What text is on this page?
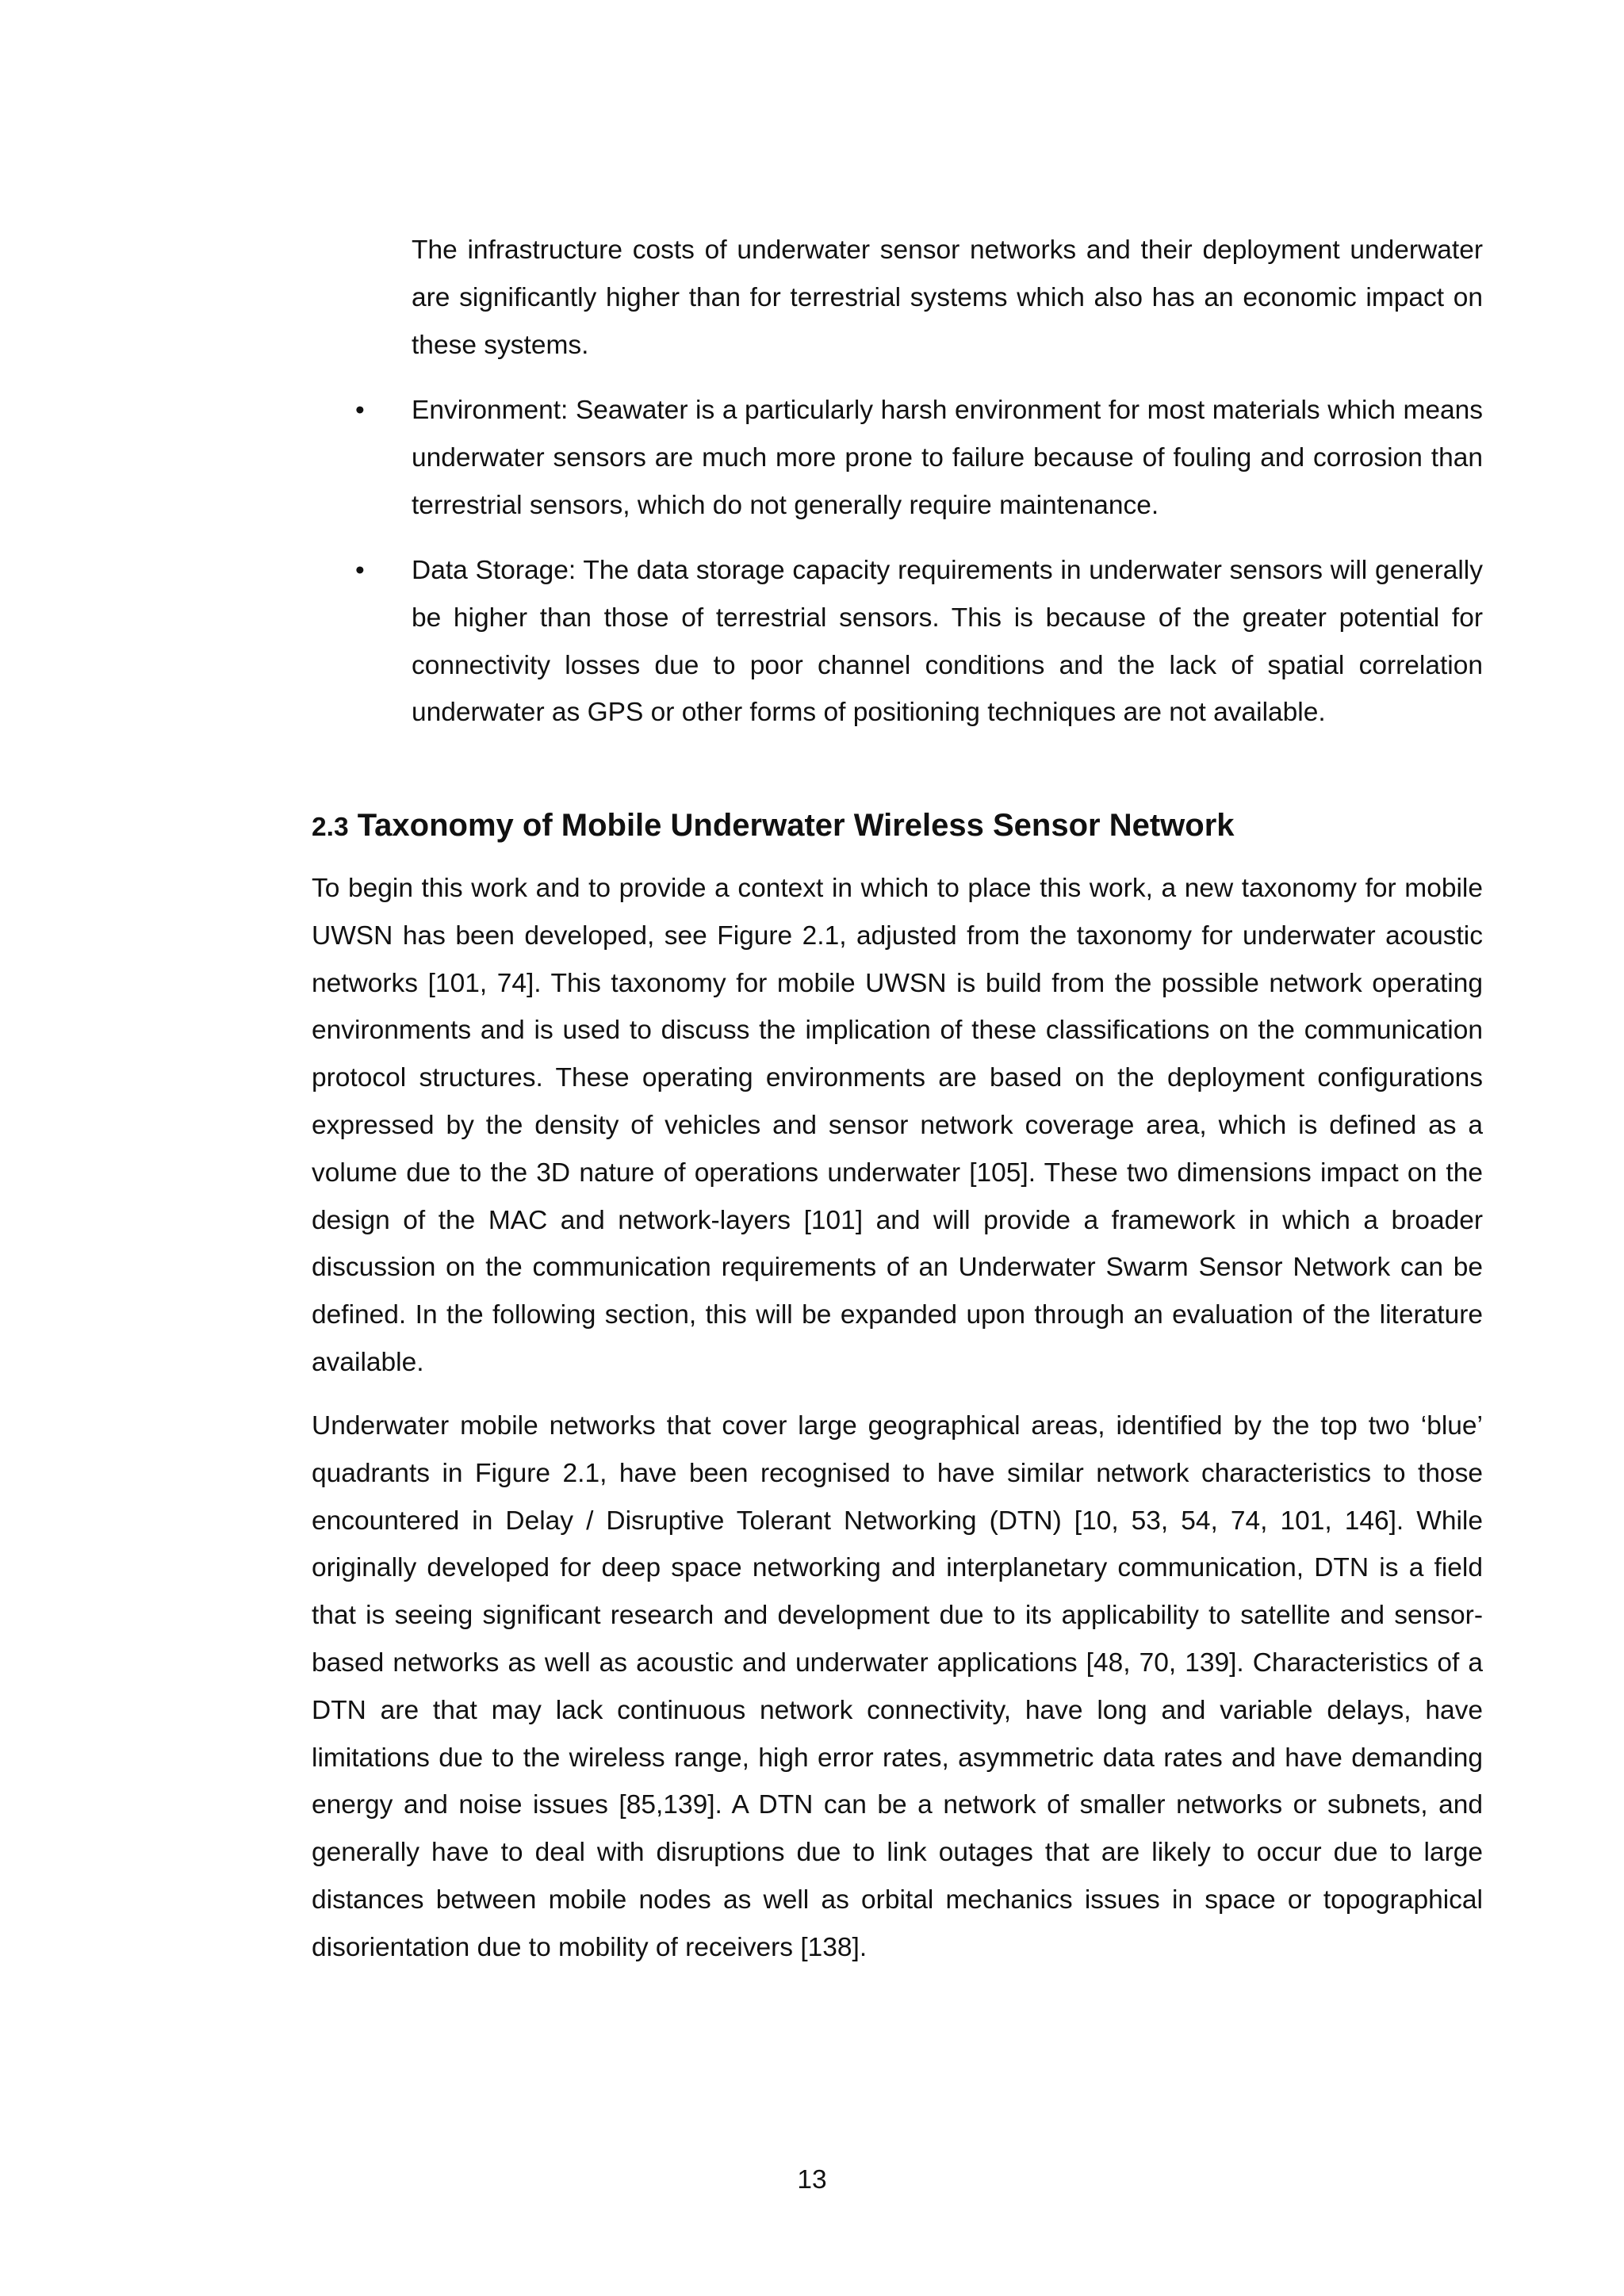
The infrastructure costs of underwater sensor networks and their deployment underwater are significantly higher than for terrestrial systems which also has an economic impact on these systems.

•	Environment: Seawater is a particularly harsh environment for most materials which means underwater sensors are much more prone to failure because of fouling and corrosion than terrestrial sensors, which do not generally require maintenance.

•	Data Storage: The data storage capacity requirements in underwater sensors will generally be higher than those of terrestrial sensors. This is because of the greater potential for connectivity losses due to poor channel conditions and the lack of spatial correlation underwater as GPS or other forms of positioning techniques are not available.

2.3 Taxonomy of Mobile Underwater Wireless Sensor Network

To begin this work and to provide a context in which to place this work, a new taxonomy for mobile UWSN has been developed, see Figure 2.1, adjusted from the taxonomy for underwater acoustic networks [101, 74]. This taxonomy for mobile UWSN is build from the possible network operating environments and is used to discuss the implication of these classifications on the communication protocol structures. These operating environments are based on the deployment configurations expressed by the density of vehicles and sensor network coverage area, which is defined as a volume due to the 3D nature of operations underwater [105]. These two dimensions impact on the design of the MAC and network-layers [101] and will provide a framework in which a broader discussion on the communication requirements of an Underwater Swarm Sensor Network can be defined. In the following section, this will be expanded upon through an evaluation of the literature available.

Underwater mobile networks that cover large geographical areas, identified by the top two ‘blue’ quadrants in Figure 2.1, have been recognised to have similar network characteristics to those encountered in Delay / Disruptive Tolerant Networking (DTN) [10, 53, 54, 74, 101, 146]. While originally developed for deep space networking and interplanetary communication, DTN is a field that is seeing significant research and development due to its applicability to satellite and sensor-based networks as well as acoustic and underwater applications [48, 70, 139]. Characteristics of a DTN are that may lack continuous network connectivity, have long and variable delays, have limitations due to the wireless range, high error rates, asymmetric data rates and have demanding energy and noise issues [85,139]. A DTN can be a network of smaller networks or subnets, and generally have to deal with disruptions due to link outages that are likely to occur due to large distances between mobile nodes as well as orbital mechanics issues in space or topographical disorientation due to mobility of receivers [138].

13
